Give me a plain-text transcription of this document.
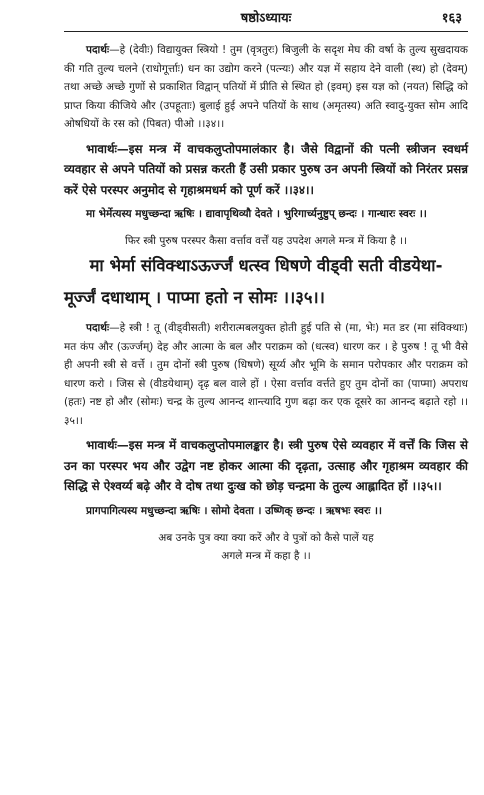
षष्ठोऽध्यायः	१६३

पदार्थः—हे (देवीः) विद्यायुक्त स्त्रियो ! तुम (वृत्रतुरः) बिजुली के सदृश मेघ की वर्षा के तुल्य सुखदायक की गति तुल्य चलने (राधोगूर्त्ताः) धन का उद्योग करने (पत्न्यः) और यज्ञ में सहाय देने वाली (स्थ) हो (देवम्) तथा अच्छे अच्छे गुणों से प्रकाशित विद्वान् पतियों में प्रीति से स्थित हो (इवम्) इस यज्ञ को (नयत) सिद्धि को प्राप्त किया कीजिये और (उपहूताः) बुलाई हुई अपने पतियों के साथ (अमृतस्य) अति स्वादु-युक्त सोम आदि ओषधियों के रस को (पिबत) पीओ ।।३४।।

भावार्थः—इस मन्त्र में वाचकलुप्तोपमालंकार है। जैसे विद्वानों की पत्नी स्त्रीजन स्वधर्म व्यवहार से अपने पतियों को प्रसन्न करती हैं उसी प्रकार पुरुष उन अपनी स्त्रियों को निरंतर प्रसन्न करें ऐसे परस्पर अनुमोद से गृहाश्रमधर्म को पूर्ण करें ।।३४।।

मा भेर्मेत्यस्य मधुच्छन्दा ऋषिः । द्यावापृथिव्यौ देवते । भुरिगार्च्यनुष्टुप् छन्दः । गान्धारः स्वरः ।।

फिर स्त्री पुरुष परस्पर कैसा वर्त्ताव वर्त्तें यह उपदेश अगले मन्त्र में किया है ।।

मा भेर्मा संविक्थाऽऊर्ज्जं धत्स्व धिषणे वीड्वी सती वीडयेथा-

मूर्ज्जं दधाथाम् । पाप्मा हतो न सोमः ।।३५।।

पदार्थः—हे स्त्री ! तू (वीड्वीसती) शरीरात्मबलयुक्त होती हुई पति से (मा, भेः) मत डर (मा संविक्थाः) मत कंप और (ऊर्ज्जम्) देह और आत्मा के बल और पराक्रम को (धत्स्व) धारण कर । हे पुरुष ! तू भी वैसे ही अपनी स्त्री से वर्त्ते । तुम दोनों स्त्री पुरुष (धिषणे) सूर्य्य और भूमि के समान परोपकार और पराक्रम को धारण करो । जिस से (वीडयेथाम्) दृढ़ बल वाले हों । ऐसा वर्त्ताव वर्त्तते हुए तुम दोनों का (पाप्मा) अपराध (हतः) नष्ट हो और (सोमः) चन्द्र के तुल्य आनन्द शान्त्यादि गुण बढ़ा कर एक दूसरे का आनन्द बढ़ाते रहो ।।३५।।

भावार्थः—इस मन्त्र में वाचकलुप्तोपमालङ्कार है। स्त्री पुरुष ऐसे व्यवहार में वर्त्तें कि जिस से उन का परस्पर भय और उद्वेग नष्ट होकर आत्मा की दृढ़ता, उत्साह और गृहाश्रम व्यवहार की सिद्धि से ऐश्वर्य्य बढ़े और वे दोष तथा दुःख को छोड़ चन्द्रमा के तुल्य आह्लादित हों ।।३५।।

प्रागपागित्यस्य मधुच्छन्दा ऋषिः । सोमो देवता । उष्णिक् छन्दः । ऋषभः स्वरः ।।

अब उनके पुत्र क्या क्या करें और वे पुत्रों को कैसे पालें यह

अगले मन्त्र में कहा है ।।
